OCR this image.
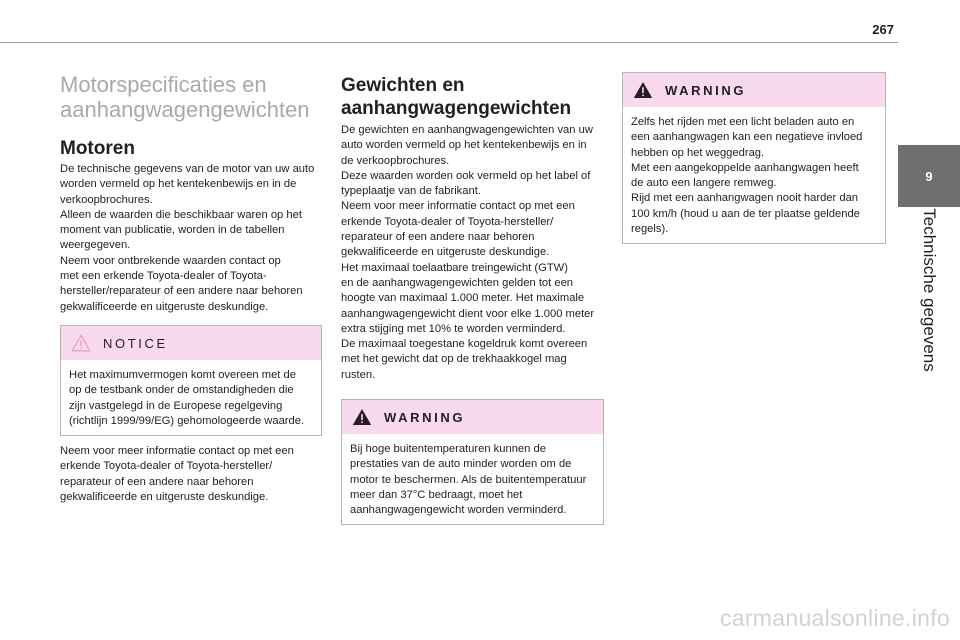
267
9
Technische gegevens
Motorspecificaties en
aanhangwagengewichten
Motoren

De technische gegevens van de motor van uw auto
worden vermeld op het kentekenbewijs en in de
verkoopbrochures.
Alleen de waarden die beschikbaar waren op het
moment van publicatie, worden in de tabellen
weergegeven.
Neem voor ontbrekende waarden contact op
met een erkende Toyota-dealer of Toyota-
hersteller/reparateur of een andere naar behoren
gekwalificeerde en uitgeruste deskundige.

NOTICE

Het maximumvermogen komt overeen met de
op de testbank onder de omstandigheden die
zijn vastgelegd in de Europese regelgeving
(richtlijn 1999/99/EG) gehomologeerde waarde.

Neem voor meer informatie contact op met een
erkende Toyota-dealer of Toyota-hersteller/
reparateur of een andere naar behoren
gekwalificeerde en uitgeruste deskundige.

Gewichten en
aanhangwagengewichten

De gewichten en aanhangwagengewichten van uw
auto worden vermeld op het kentekenbewijs en in
de verkoopbrochures.
Deze waarden worden ook vermeld op het label of
typeplaatje van de fabrikant.
Neem voor meer informatie contact op met een
erkende Toyota-dealer of Toyota-hersteller/
reparateur of een andere naar behoren
gekwalificeerde en uitgeruste deskundige.
Het maximaal toelaatbare treingewicht (GTW)
en de aanhangwagengewichten gelden tot een
hoogte van maximaal 1.000 meter. Het maximale
aanhangwagengewicht dient voor elke 1.000 meter
extra stijging met 10% te worden verminderd.
De maximaal toegestane kogeldruk komt overeen
met het gewicht dat op de trekhaakkogel mag
rusten.

WARNING

Bij hoge buitentemperaturen kunnen de
prestaties van de auto minder worden om de
motor te beschermen. Als de buitentemperatuur
meer dan 37°C bedraagt, moet het
aanhangwagengewicht worden verminderd.

WARNING

Zelfs het rijden met een licht beladen auto en
een aanhangwagen kan een negatieve invloed
hebben op het weggedrag.
Met een aangekoppelde aanhangwagen heeft
de auto een langere remweg.
Rijd met een aanhangwagen nooit harder dan
100 km/h (houd u aan de ter plaatse geldende
regels).

carmanualsonline.info
